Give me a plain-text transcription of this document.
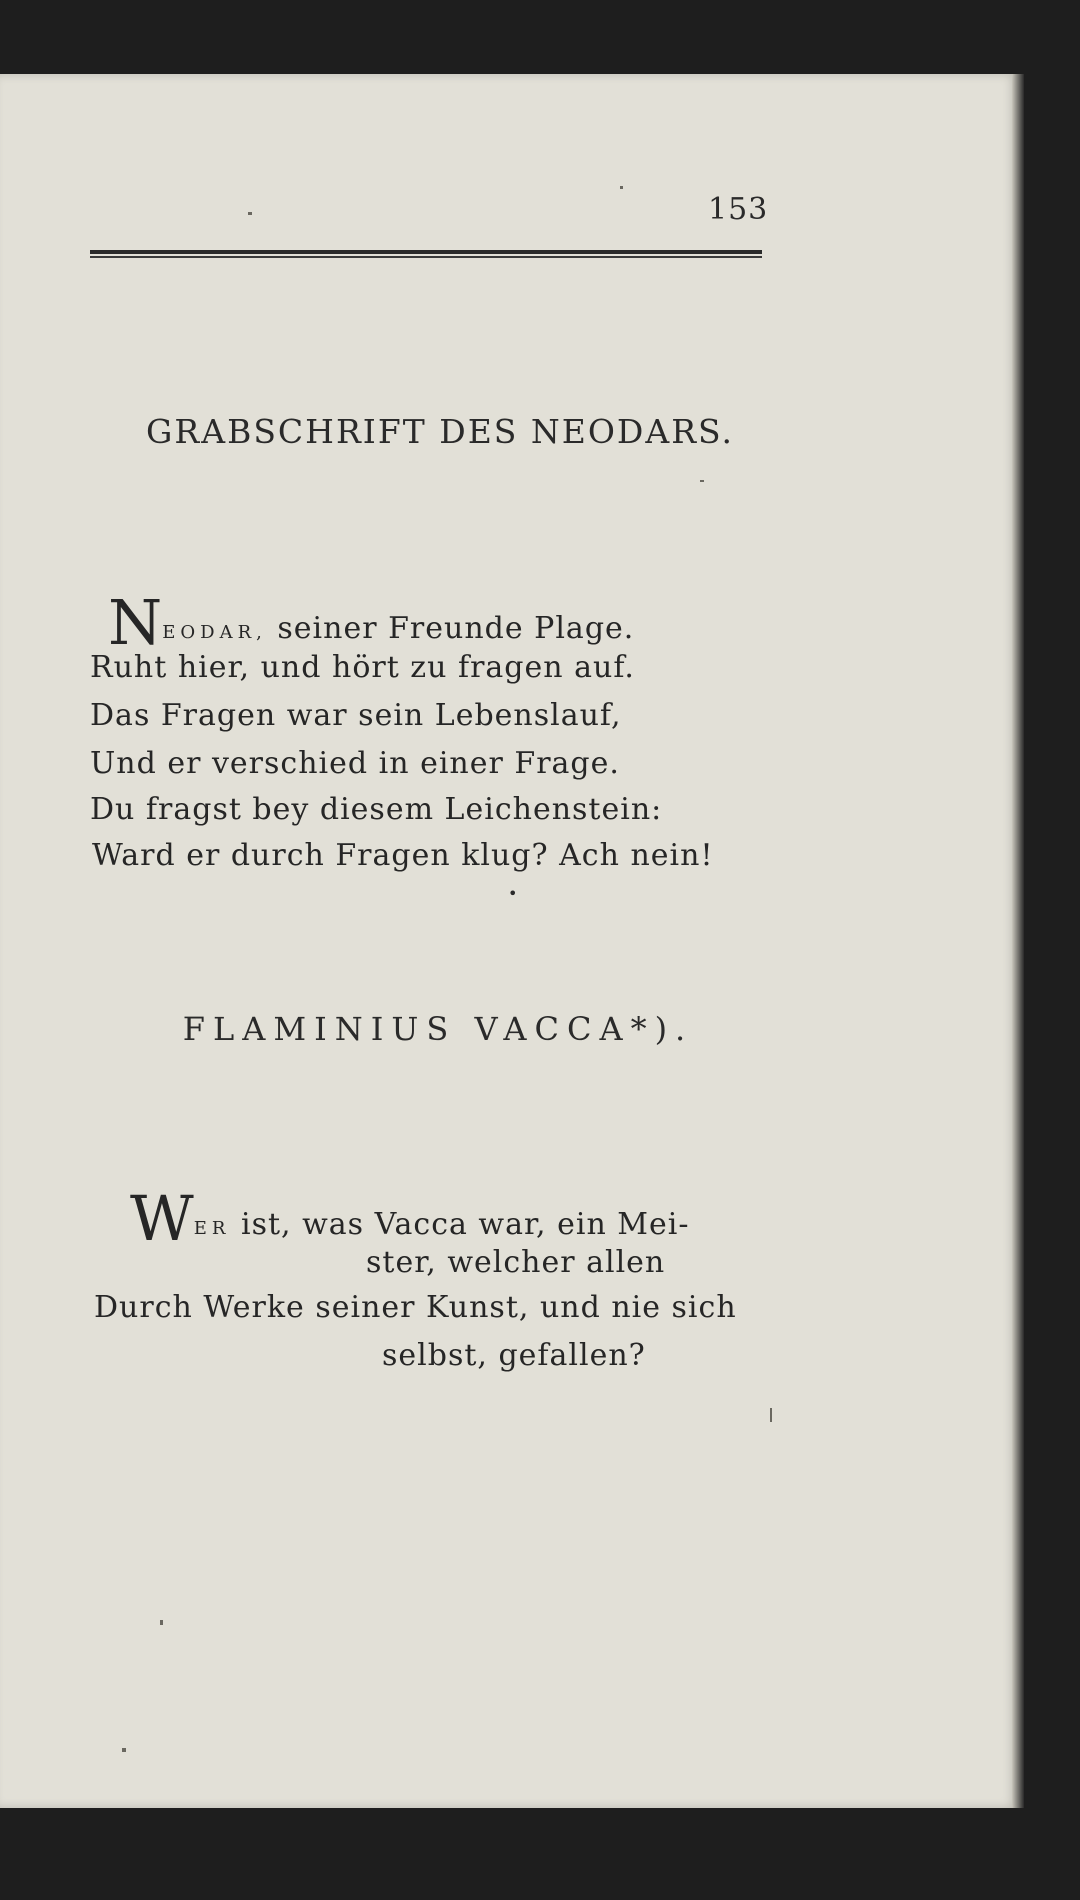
153
GRABSCHRIFT DES NEODARS.
NEODAR, seiner Freunde Plage.
Ruht hier, und hört zu fragen auf.
Das Fragen war sein Lebenslauf,
Und er verschied in einer Frage.
Du fragst bey diesem Leichenstein:
Ward er durch Fragen klug? Ach nein!
•
FLAMINIUS VACCA*).
WER ist, was Vacca war, ein Mei-
ster, welcher allen
Durch Werke seiner Kunst, und nie sich
selbst, gefallen?
